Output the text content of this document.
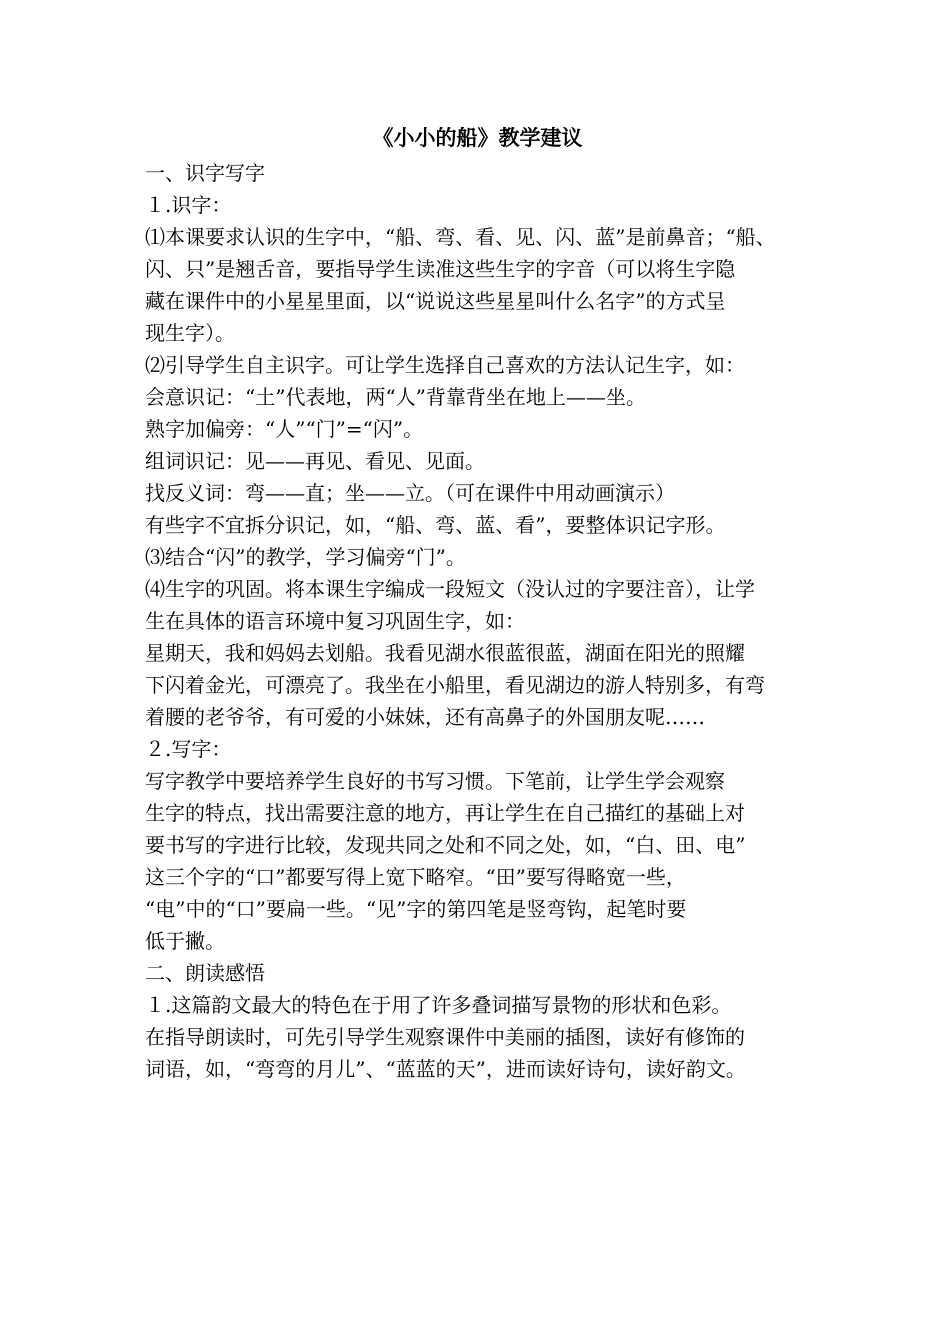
《小小的船》教学建议
一、识字写字
１.识字：
⑴本课要求认识的生字中，“船、弯、看、见、闪、蓝”是前鼻音；“船、
闪、只”是翘舌音，要指导学生读准这些生字的字音（可以将生字隐
藏在课件中的小星星里面，以“说说这些星星叫什么名字”的方式呈
现生字）。
⑵引导学生自主识字。可让学生选择自己喜欢的方法认记生字，如：
会意识记：“土”代表地，两“人”背靠背坐在地上——坐。
熟字加偏旁：“人”“门”=“闪”。
组词识记：见——再见、看见、见面。
找反义词：弯——直；坐——立。（可在课件中用动画演示）
有些字不宜拆分识记，如，“船、弯、蓝、看”，要整体识记字形。
⑶结合“闪”的教学，学习偏旁“门”。
⑷生字的巩固。将本课生字编成一段短文（没认过的字要注音），让学
生在具体的语言环境中复习巩固生字，如：
星期天，我和妈妈去划船。我看见湖水很蓝很蓝，湖面在阳光的照耀
下闪着金光，可漂亮了。我坐在小船里，看见湖边的游人特别多，有弯
着腰的老爷爷，有可爱的小妹妹，还有高鼻子的外国朋友呢……
２.写字：
写字教学中要培养学生良好的书写习惯。下笔前，让学生学会观察
生字的特点，找出需要注意的地方，再让学生在自己描红的基础上对
要书写的字进行比较，发现共同之处和不同之处，如，“白、田、电”
这三个字的“口”都要写得上宽下略窄。“田”要写得略宽一些，
“电”中的“口”要扁一些。“见”字的第四笔是竖弯钩，起笔时要
低于撇。
二、朗读感悟
１.这篇韵文最大的特色在于用了许多叠词描写景物的形状和色彩。
在指导朗读时，可先引导学生观察课件中美丽的插图，读好有修饰的
词语，如，“弯弯的月儿”、“蓝蓝的天”，进而读好诗句，读好韵文。
